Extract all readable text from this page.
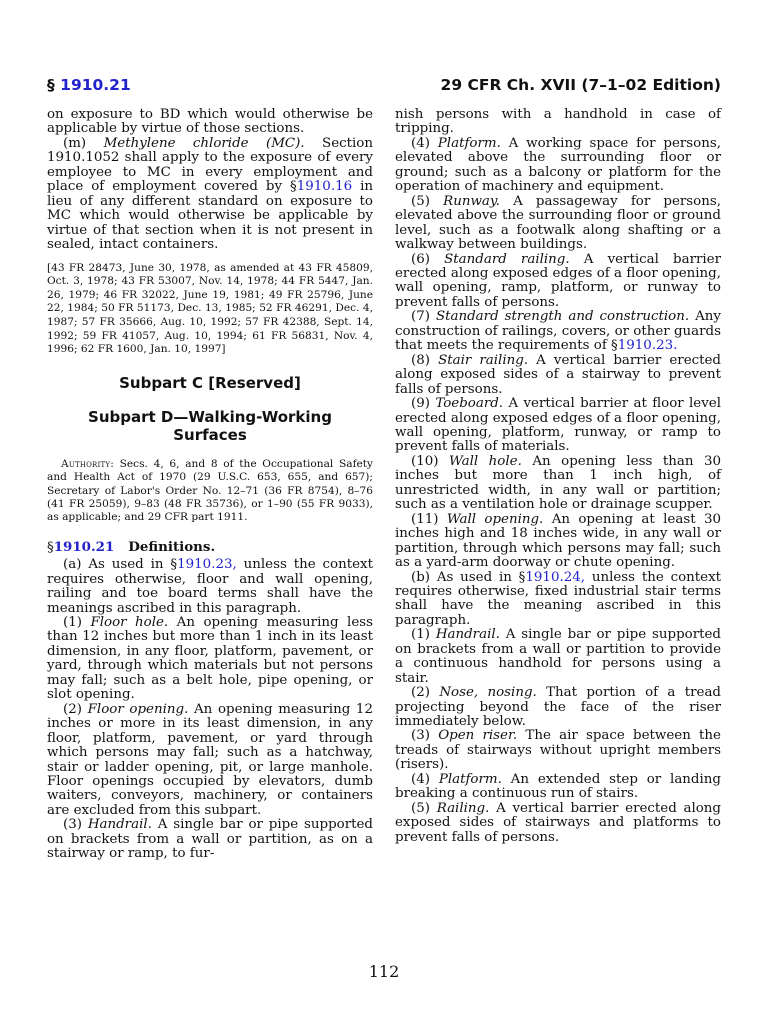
§ 1910.21	29 CFR Ch. XVII (7–1–02 Edition)

on exposure to BD which would otherwise be applicable by virtue of those sections.

(m) Methylene chloride (MC). Section 1910.1052 shall apply to the exposure of every employee to MC in every employment and place of employment covered by §1910.16 in lieu of any different standard on exposure to MC which would otherwise be applicable by virtue of that section when it is not present in sealed, intact containers.

[43 FR 28473, June 30, 1978, as amended at 43 FR 45809, Oct. 3, 1978; 43 FR 53007, Nov. 14, 1978; 44 FR 5447, Jan. 26, 1979; 46 FR 32022, June 19, 1981; 49 FR 25796, June 22, 1984; 50 FR 51173, Dec. 13, 1985; 52 FR 46291, Dec. 4, 1987; 57 FR 35666, Aug. 10, 1992; 57 FR 42388, Sept. 14, 1992; 59 FR 41057, Aug. 10, 1994; 61 FR 56831, Nov. 4, 1996; 62 FR 1600, Jan. 10, 1997]

Subpart C [Reserved]
Subpart D—Walking-Working Surfaces

Authority: Secs. 4, 6, and 8 of the Occupational Safety and Health Act of 1970 (29 U.S.C. 653, 655, and 657); Secretary of Labor's Order No. 12–71 (36 FR 8754), 8–76 (41 FR 25059), 9–83 (48 FR 35736), or 1–90 (55 FR 9033), as applicable; and 29 CFR part 1911.

§1910.21 Definitions.

(a) As used in §1910.23, unless the context requires otherwise, floor and wall opening, railing and toe board terms shall have the meanings ascribed in this paragraph.

(1) Floor hole. An opening measuring less than 12 inches but more than 1 inch in its least dimension, in any floor, platform, pavement, or yard, through which materials but not persons may fall; such as a belt hole, pipe opening, or slot opening.

(2) Floor opening. An opening measuring 12 inches or more in its least dimension, in any floor, platform, pavement, or yard through which persons may fall; such as a hatchway, stair or ladder opening, pit, or large manhole. Floor openings occupied by elevators, dumb waiters, conveyors, machinery, or containers are excluded from this subpart.

(3) Handrail. A single bar or pipe supported on brackets from a wall or partition, as on a stairway or ramp, to fur-

nish persons with a handhold in case of tripping.

(4) Platform. A working space for persons, elevated above the surrounding floor or ground; such as a balcony or platform for the operation of machinery and equipment.

(5) Runway. A passageway for persons, elevated above the surrounding floor or ground level, such as a footwalk along shafting or a walkway between buildings.

(6) Standard railing. A vertical barrier erected along exposed edges of a floor opening, wall opening, ramp, platform, or runway to prevent falls of persons.

(7) Standard strength and construction. Any construction of railings, covers, or other guards that meets the requirements of §1910.23.

(8) Stair railing. A vertical barrier erected along exposed sides of a stairway to prevent falls of persons.

(9) Toeboard. A vertical barrier at floor level erected along exposed edges of a floor opening, wall opening, platform, runway, or ramp to prevent falls of materials.

(10) Wall hole. An opening less than 30 inches but more than 1 inch high, of unrestricted width, in any wall or partition; such as a ventilation hole or drainage scupper.

(11) Wall opening. An opening at least 30 inches high and 18 inches wide, in any wall or partition, through which persons may fall; such as a yard-arm doorway or chute opening.

(b) As used in §1910.24, unless the context requires otherwise, fixed industrial stair terms shall have the meaning ascribed in this paragraph.

(1) Handrail. A single bar or pipe supported on brackets from a wall or partition to provide a continuous handhold for persons using a stair.

(2) Nose, nosing. That portion of a tread projecting beyond the face of the riser immediately below.

(3) Open riser. The air space between the treads of stairways without upright members (risers).

(4) Platform. An extended step or landing breaking a continuous run of stairs.

(5) Railing. A vertical barrier erected along exposed sides of stairways and platforms to prevent falls of persons.

112
